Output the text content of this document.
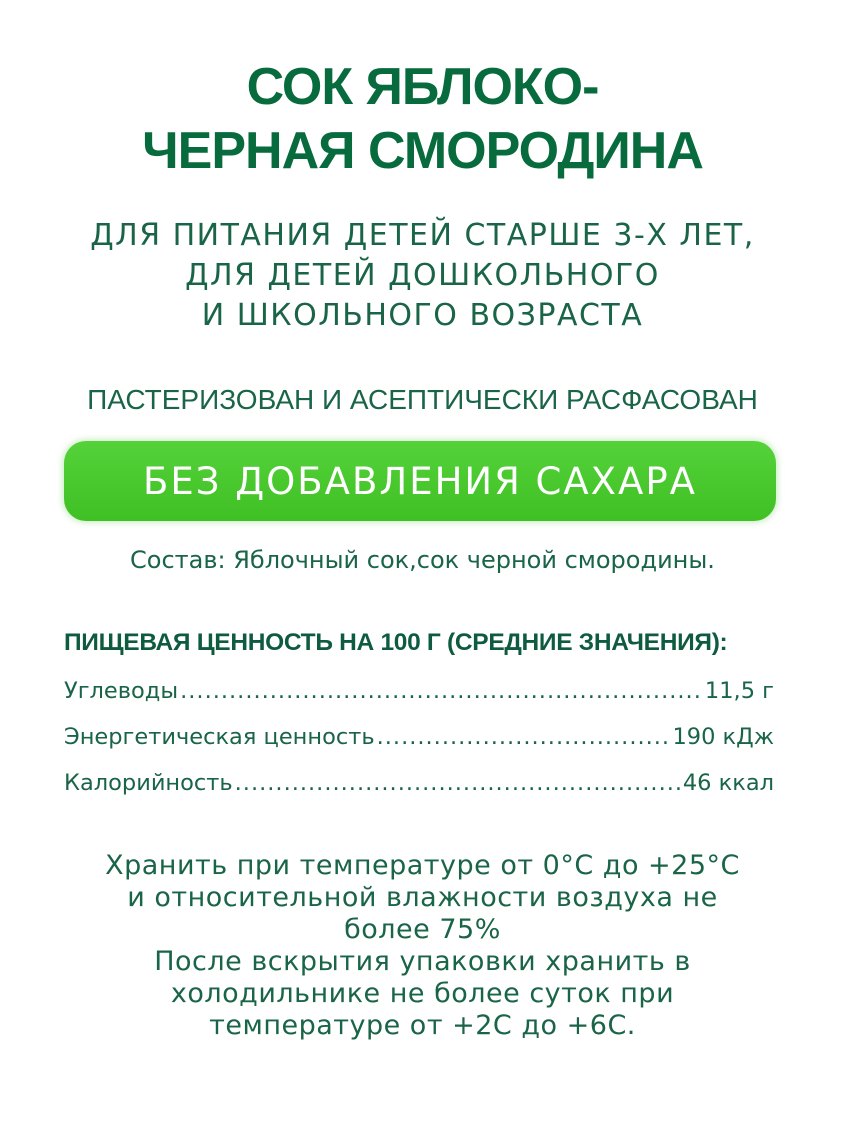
СОК ЯБЛОКО-
ЧЕРНАЯ СМОРОДИНА
ДЛЯ ПИТАНИЯ ДЕТЕЙ СТАРШЕ 3-Х ЛЕТ,
ДЛЯ ДЕТЕЙ ДОШКОЛЬНОГО
И ШКОЛЬНОГО ВОЗРАСТА
ПАСТЕРИЗОВАН И АСЕПТИЧЕСКИ РАСФАСОВАН
БЕЗ ДОБАВЛЕНИЯ САХАРА
Состав: Яблочный сок,сок черной смородины.
ПИЩЕВАЯ ЦЕННОСТЬ НА 100 Г (СРЕДНИЕ ЗНАЧЕНИЯ):
Углеводы .....	11,5 г
Энергетическая ценность .....	190 кДж
Калорийность .....	46 ккал
Хранить при температуре от 0°С до +25°С
и относительной влажности воздуха не
более 75%
После вскрытия упаковки хранить в
холодильнике не более суток при
температуре от +2С до +6С.
